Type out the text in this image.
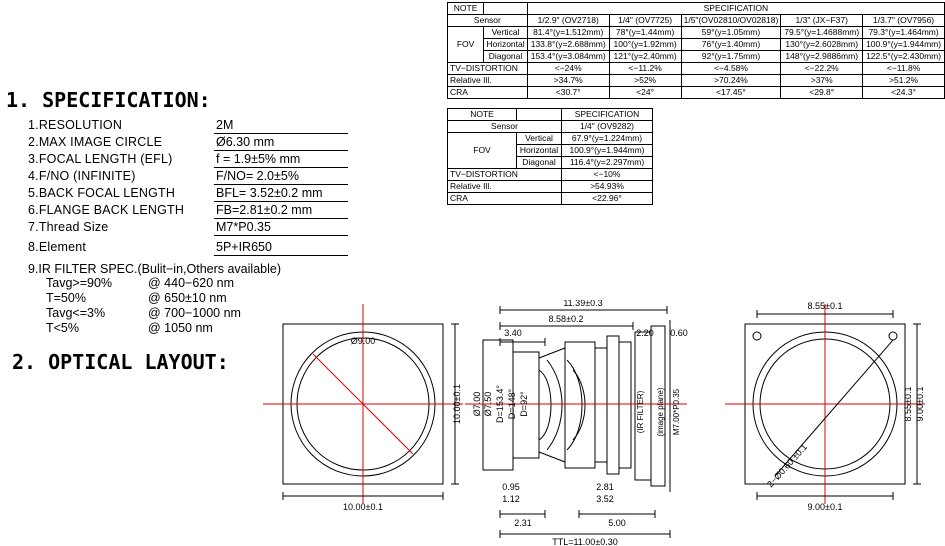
1. SPECIFICATION:
2. OPTICAL LAYOUT:
1.RESOLUTION	2M
2.MAX IMAGE CIRCLE	Ø6.30 mm
3.FOCAL LENGTH (EFL)	f = 1.9±5% mm
4.F/NO (INFINITE)	F/NO= 2.0±5%
5.BACK FOCAL LENGTH	BFL= 3.52±0.2 mm
6.FLANGE BACK LENGTH	FB=2.81±0.2 mm
7.Thread Size	M7*P0.35
8.Element	5P+IR650
9.IR FILTER SPEC.(Bulit−in,Others available)
Tavg>=90%	@ 440−620 nm
T=50%	@ 650±10 nm
Tavg<=3%	@ 700−1000 nm
T<5%	@ 1050 nm
NOTE		SPECIFICATION				
Sensor		1/2.9" (OV2718)	1/4" (OV7725)	1/5"(OV02810/OV02818)	1/3" (JX−F37)	1/3.7" (OV7956)
FOV	Vertical	81.4°(y=1.512mm)	78°(y=1.44mm)	59°(y=1.05mm)	79.5°(y=1.4688mm)	79.3°(y=1.464mm)
	Horizontal	133.8°(y=2.688mm)	100°(y=1.92mm)	76°(y=1.40mm)	130°(y=2.6028mm)	100.9°(y=1.944mm)
	Diagonal	153.4°(y=3.084mm)	121°(y=2.40mm)	92°(y=1.75mm)	148°(y=2.9886mm)	122.5°(y=2.430mm)
TV−DISTORTION		<−24%	<−11.2%	<−4.58%	<−22.2%	<−11.8%
Relative Ill.		>34.7%	>52%	>70.24%	>37%	>51.2%
CRA		<30.7°	<24°	<17.45°	<29.8°	<24.3°
NOTE		SPECIFICATION
Sensor		1/4" (OV9282)
FOV	Vertical	67.9°(y=1.224mm)
	Horizontal	100.9°(y=1.944mm)
	Diagonal	116.4°(y=2.297mm)
TV−DISTORTION		<−10%
Relative Ill.		>54.93%
CRA		<22.96°
Ø9.00
10.00±0.1
10.00±0.1
11.39±0.3
8.58±0.2
3.40	2.20 0.60
Ø7.00 Ø7.50 D=153.4° D=148° D=92°	(IR FILTER) (image plane) M7.00*P0.35
0.95
1.12
2.31
2.81
3.52
5.00
TTL=11.00±0.30
8.55±0.1
9.00±0.1
8.55±0.1
9.00±0.1
2−Ø0.60 ±0.1
